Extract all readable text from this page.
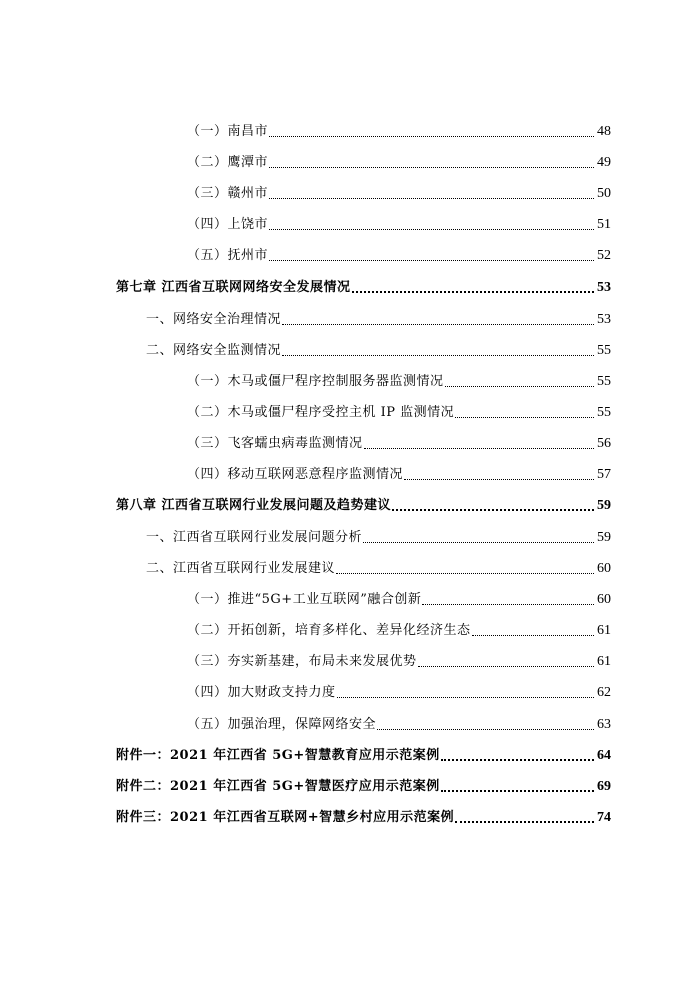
（一）南昌市	48
（二）鹰潭市	49
（三）赣州市	50
（四）上饶市	51
（五）抚州市	52
第七章 江西省互联网网络安全发展情况	53
一、网络安全治理情况	53
二、网络安全监测情况	55
（一）木马或僵尸程序控制服务器监测情况	55
（二）木马或僵尸程序受控主机 IP 监测情况	55
（三）飞客蠕虫病毒监测情况	56
（四）移动互联网恶意程序监测情况	57
第八章 江西省互联网行业发展问题及趋势建议	59
一、江西省互联网行业发展问题分析	59
二、江西省互联网行业发展建议	60
（一）推进“5G+工业互联网”融合创新	60
（二）开拓创新，培育多样化、差异化经济生态	61
（三）夯实新基建，布局未来发展优势	61
（四）加大财政支持力度	62
（五）加强治理，保障网络安全	63
附件一：2021 年江西省 5G+智慧教育应用示范案例	64
附件二：2021 年江西省 5G+智慧医疗应用示范案例	69
附件三：2021 年江西省互联网+智慧乡村应用示范案例	74
